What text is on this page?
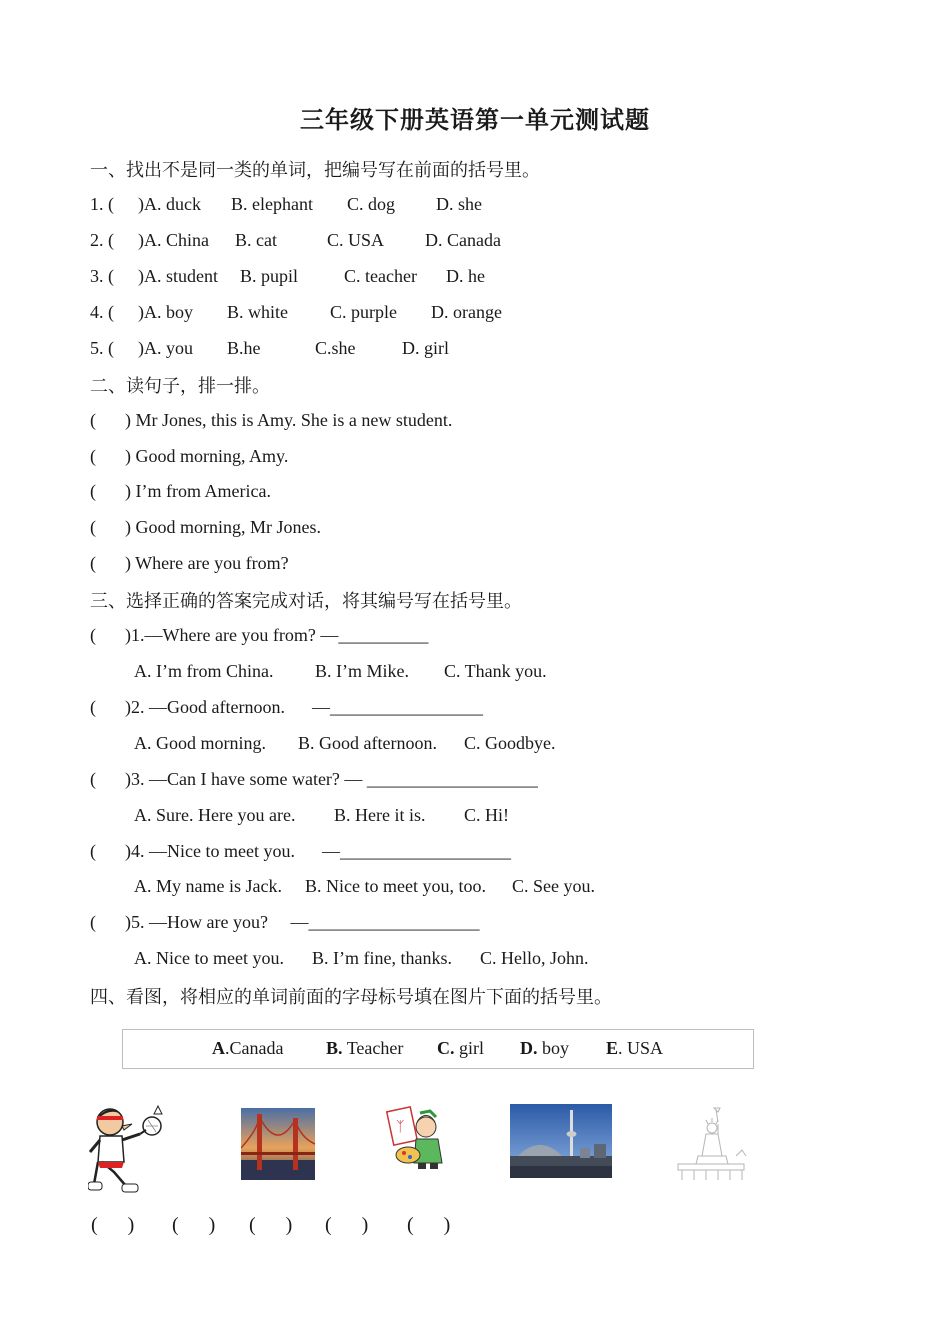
三年级下册英语第一单元测试题
一、找出不是同一类的单词，把编号写在前面的括号里。

1. (

)A. duck

B. elephant

C. dog

D. she

2. (

)A. China

B. cat

	C. USA

D. Canada

3. (

)A. student

B. pupil

	C. teacher

D. he

4. (

)A. boy

B. white

C. purple

D. orange

5. (

)A. you

B.he

	C.she

	D. girl

二、读句子，排一排。

(

) Mr Jones, this is Amy. She is a new student.

(

) Good morning, Amy.

(

) I’m from America.

(

) Good morning, Mr Jones.

(

) Where are you from?

三、选择正确的答案完成对话，将其编号写在括号里。

(

)1.—Where are you from? —__________

A. I’m from China.

B. I’m Mike.

C. Thank you.

(

)2. —Good afternoon.      —_________________

A. Good morning.

B. Good afternoon.

C. Goodbye.

(

)3. —Can I have some water? — ___________________

A. Sure. Here you are.

B. Here it is.

C. Hi!

(

)4. —Nice to meet you.      —___________________

A. My name is Jack.

B. Nice to meet you, too.

C. See you.

(

)5. —How are you?     —___________________

A. Nice to meet you.

B. I’m fine, thanks.

C. Hello, John.

四、看图，将相应的单词前面的字母标号填在图片下面的括号里。
A.Canada B. Teacher C. girl D. boy E. USA
ᛉ
(      ) (      ) (      ) (      ) (      )
